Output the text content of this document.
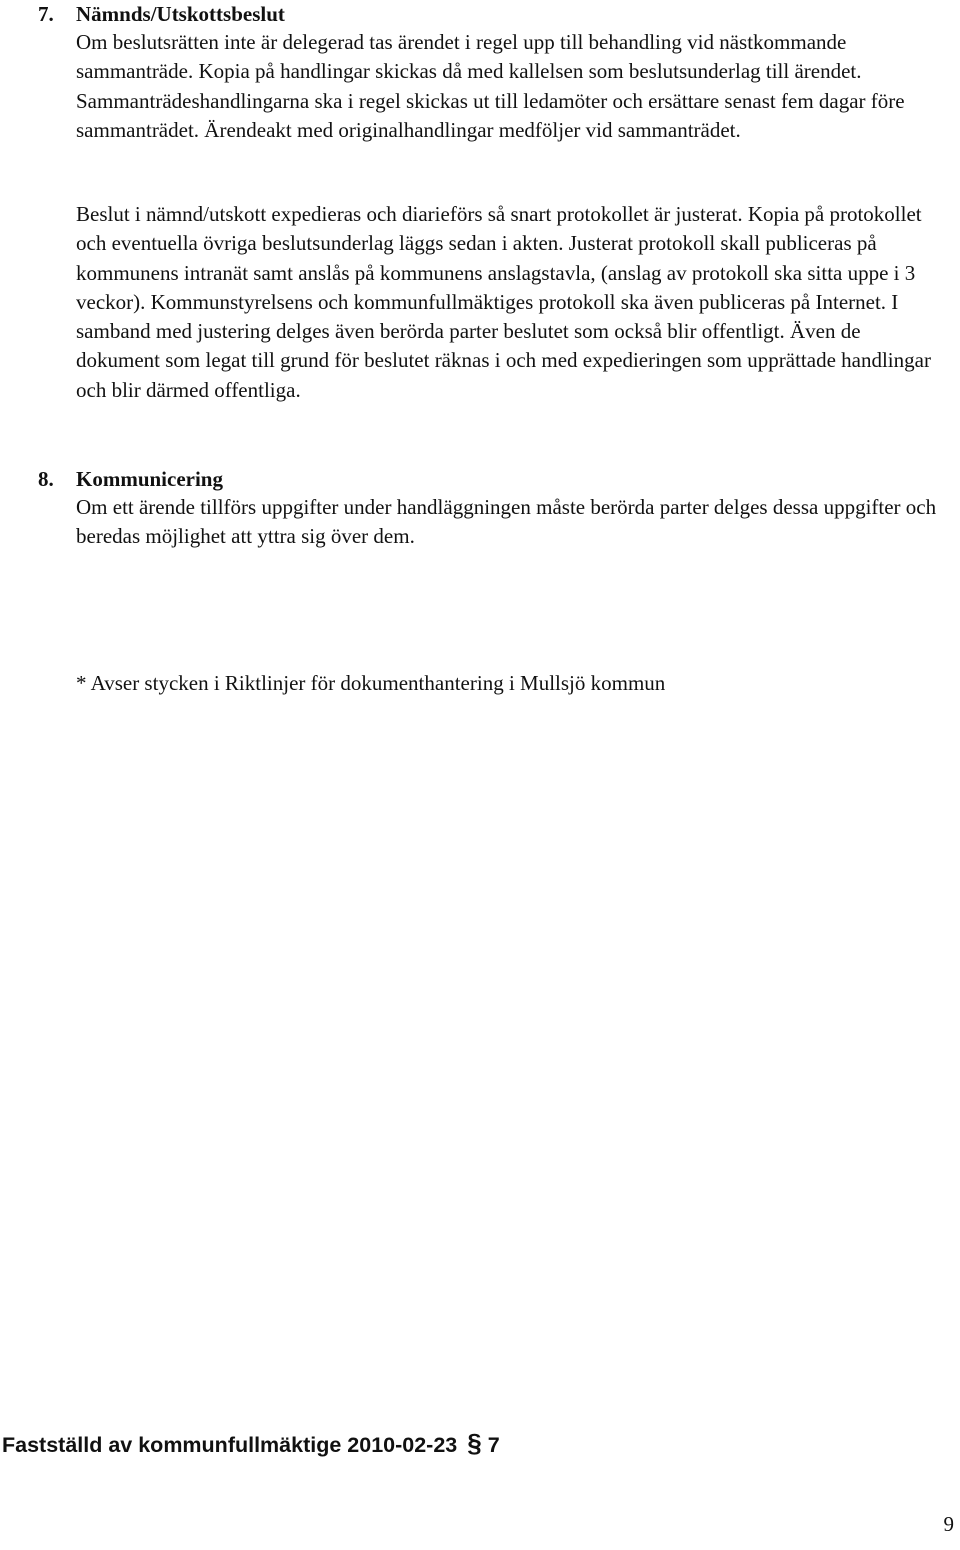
7. Nämnds/Utskottsbeslut

Om beslutsrätten inte är delegerad tas ärendet i regel upp till behandling vid nästkommande sammanträde. Kopia på handlingar skickas då med kallelsen som beslutsunderlag till ärendet. Sammanträdeshandlingarna ska i regel skickas ut till ledamöter och ersättare senast fem dagar före sammanträdet. Ärendeakt med originalhandlingar medföljer vid sammanträdet.

Beslut i nämnd/utskott expedieras och diarieförs så snart protokollet är justerat. Kopia på protokollet och eventuella övriga beslutsunderlag läggs sedan i akten. Justerat protokoll skall publiceras på kommunens intranät samt anslås på kommunens anslagstavla, (anslag av protokoll ska sitta uppe i 3 veckor). Kommunstyrelsens och kommunfullmäktiges protokoll ska även publiceras på Internet. I samband med justering delges även berörda parter beslutet som också blir offentligt. Även de dokument som legat till grund för beslutet räknas i och med expedieringen som upprättade handlingar och blir därmed offentliga.

8. Kommunicering

Om ett ärende tillförs uppgifter under handläggningen måste berörda parter delges dessa uppgifter och beredas möjlighet att yttra sig över dem.

* Avser stycken i Riktlinjer för dokumenthantering i Mullsjö kommun
Fastställd av kommunfullmäktige 2010-02-23 § 7
9
